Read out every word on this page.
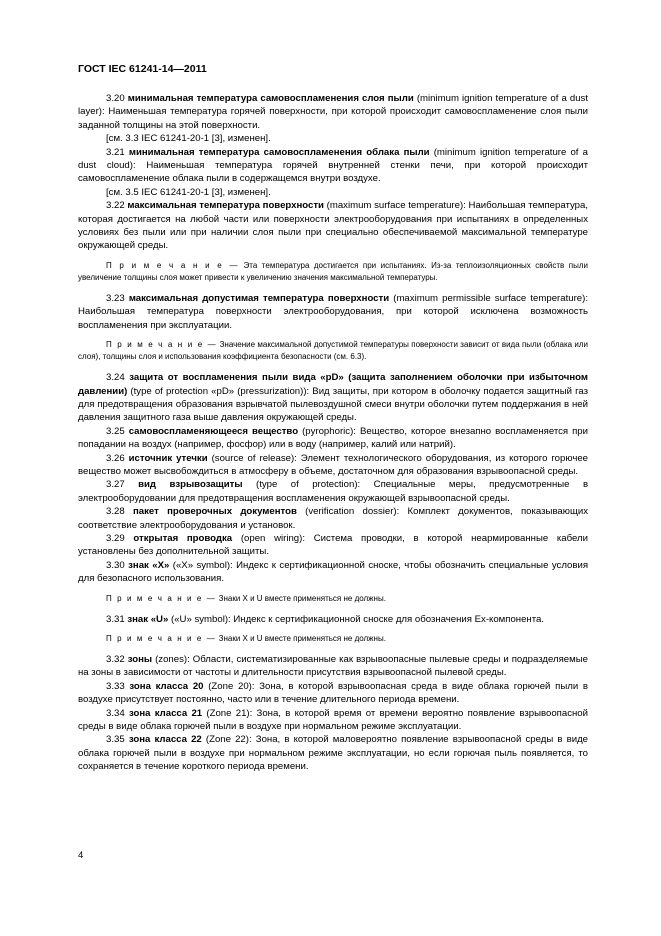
ГОСТ IEC 61241-14—2011

3.20 минимальная температура самовоспламенения слоя пыли (minimum ignition temperature of a dust layer): Наименьшая температура горячей поверхности, при которой происходит самовоспламенение слоя пыли заданной толщины на этой поверхности.

[см. 3.3 IEC 61241-20-1 [3], изменен].

3.21 минимальная температура самовоспламенения облака пыли (minimum ignition temperature of a dust cloud): Наименьшая температура горячей внутренней стенки печи, при которой происходит самовоспламенение облака пыли в содержащемся внутри воздухе.

[см. 3.5 IEC 61241-20-1 [3], изменен].

3.22 максимальная температура поверхности (maximum surface temperature): Наибольшая температура, которая достигается на любой части или поверхности электрооборудования при испытаниях в определенных условиях без пыли или при наличии слоя пыли при специально обеспечиваемой максимальной температуре окружающей среды.

П р и м е ч а н и е — Эта температура достигается при испытаниях. Из-за теплоизоляционных свойств пыли увеличение толщины слоя может привести к увеличению значения максимальной температуры.

3.23 максимальная допустимая температура поверхности (maximum permissible surface temperature): Наибольшая температура поверхности электрооборудования, при которой исключена возможность воспламенения при эксплуатации.

П р и м е ч а н и е — Значение максимальной допустимой температуры поверхности зависит от вида пыли (облака или слоя), толщины слоя и использования коэффициента безопасности (см. 6.3).

3.24 защита от воспламенения пыли вида «pD» (защита заполнением оболочки при избыточном давлении) (type of protection «pD» (pressurization)): Вид защиты, при котором в оболочку подается защитный газ для предотвращения образования взрывчатой пылевоздушной смеси внутри оболочки путем поддержания в ней давления защитного газа выше давления окружающей среды.

3.25 самовоспламеняющееся вещество (pyrophoric): Вещество, которое внезапно воспламеняется при попадании на воздух (например, фосфор) или в воду (например, калий или натрий).

3.26 источник утечки (source of release): Элемент технологического оборудования, из которого горючее вещество может высвобождиться в атмосферу в объеме, достаточном для образования взрывоопасной среды.

3.27 вид взрывозащиты (type of protection): Специальные меры, предусмотренные в электрооборудовании для предотвращения воспламенения окружающей взрывоопасной среды.

3.28 пакет проверочных документов (verification dossier): Комплект документов, показывающих соответствие электрооборудования и установок.

3.29 открытая проводка (open wiring): Система проводки, в которой неармированные кабели установлены без дополнительной защиты.

3.30 знак «X» («X» symbol): Индекс к сертификационной сноске, чтобы обозначить специальные условия для безопасного использования.

П р и м е ч а н и е — Знаки X и U вместе применяться не должны.

3.31 знак «U» («U» symbol): Индекс к сертификационной сноске для обозначения Ex-компонента.

П р и м е ч а н и е — Знаки X и U вместе применяться не должны.

3.32 зоны (zones): Области, систематизированные как взрывоопасные пылевые среды и подразделяемые на зоны в зависимости от частоты и длительности присутствия взрывоопасной пылевой среды.

3.33 зона класса 20 (Zone 20): Зона, в которой взрывоопасная среда в виде облака горючей пыли в воздухе присутствует постоянно, часто или в течение длительного периода времени.

3.34 зона класса 21 (Zone 21): Зона, в которой время от времени вероятно появление взрывоопасной среды в виде облака горючей пыли в воздухе при нормальном режиме эксплуатации.

3.35 зона класса 22 (Zone 22): Зона, в которой маловероятно появление взрывоопасной среды в виде облака горючей пыли в воздухе при нормальном режиме эксплуатации, но если горючая пыль появляется, то сохраняется в течение короткого периода времени.

4
